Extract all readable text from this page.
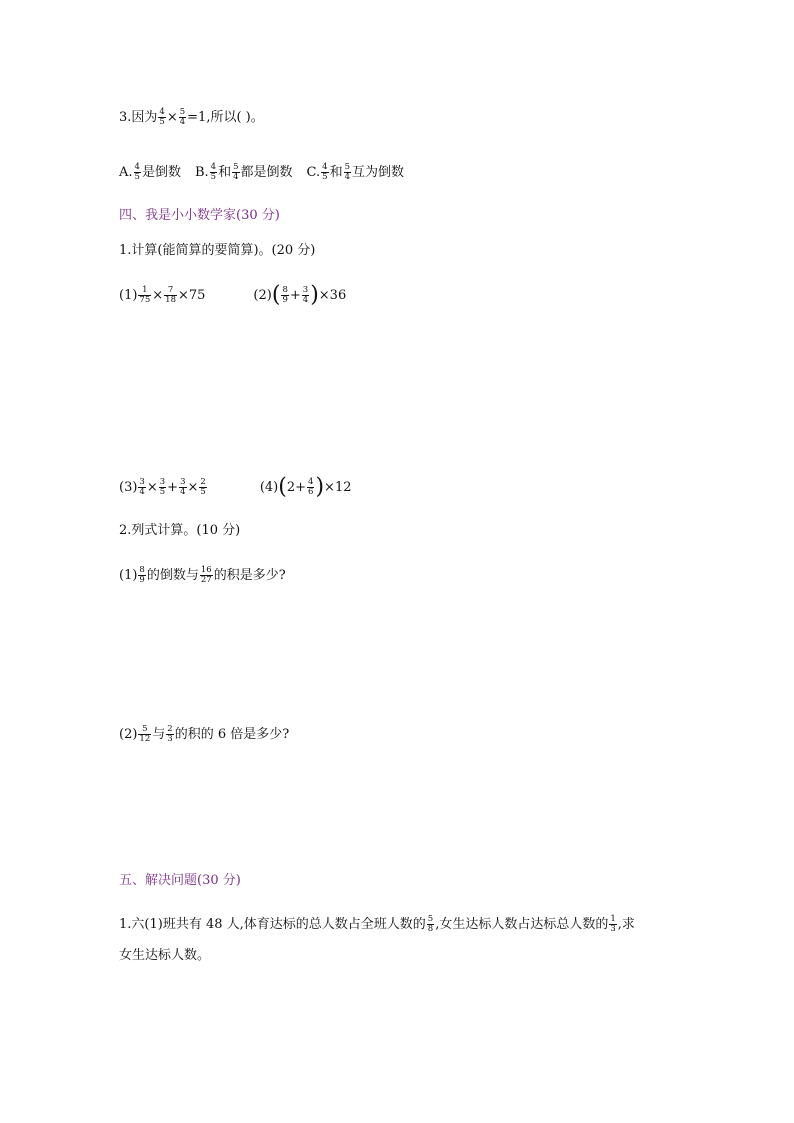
3.因为 $\frac{4}{5} \times \frac{5}{4} =1$,所以( )。
A. $\frac{4}{5}$ 是倒数 B. $\frac{4}{5}$ 和 $\frac{5}{4}$ 都是倒数 C. $\frac{4}{5}$ 和 $\frac{5}{4}$ 互为倒数
四、我是小小数学家(30 分)
1.计算(能简算的要简算)。(20 分)
$(1) \frac{1}{75} \times \frac{7}{18} \times 75$	$(2)( \frac{8}{9} + \frac{3}{4} )\times 36$
$(3) \frac{3}{4} \times \frac{3}{5} + \frac{3}{4} \times \frac{2}{5}$	$(4)(2+ \frac{4}{6} )\times 12$
2.列式计算。(10 分)
$(1) \frac{8}{9}$ 的倒数与 $\frac{16}{27}$ 的积是多少?
$(2) \frac{5}{12}$ 与 $\frac{2}{3}$ 的积的 6 倍是多少?
五、解决问题(30 分)
1.六(1)班共有 48 人,体育达标的总人数占全班人数的 $\frac{5}{8}$ ,女生达标人数占达标总人数的 $\frac{1}{3}$ ,求
女生达标人数。
